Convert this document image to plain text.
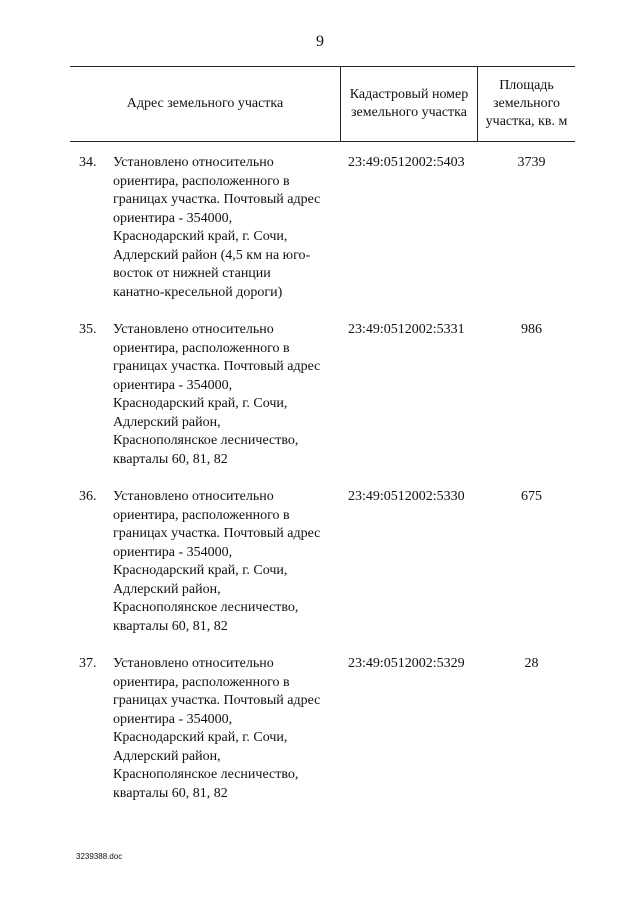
9
Адрес земельного участка
Кадастровый номер земельного участка
Площадь земельного участка, кв. м
34.	Установлено относительно
ориентира, расположенного в
границах участка. Почтовый адрес
ориентира - 354000,
Краснодарский край, г. Сочи,
Адлерский район (4,5 км на юго-
восток от нижней станции
канатно-кресельной дороги)
23:49:0512002:5403	3739
35.	Установлено относительно
ориентира, расположенного в
границах участка. Почтовый адрес
ориентира - 354000,
Краснодарский край, г. Сочи,
Адлерский район,
Краснополянское лесничество,
кварталы 60, 81, 82
23:49:0512002:5331	986
36.	Установлено относительно
ориентира, расположенного в
границах участка. Почтовый адрес
ориентира - 354000,
Краснодарский край, г. Сочи,
Адлерский район,
Краснополянское лесничество,
кварталы 60, 81, 82
23:49:0512002:5330	675
37.	Установлено относительно
ориентира, расположенного в
границах участка. Почтовый адрес
ориентира - 354000,
Краснодарский край, г. Сочи,
Адлерский район,
Краснополянское лесничество,
кварталы 60, 81, 82
23:49:0512002:5329	28
3239388.doc
